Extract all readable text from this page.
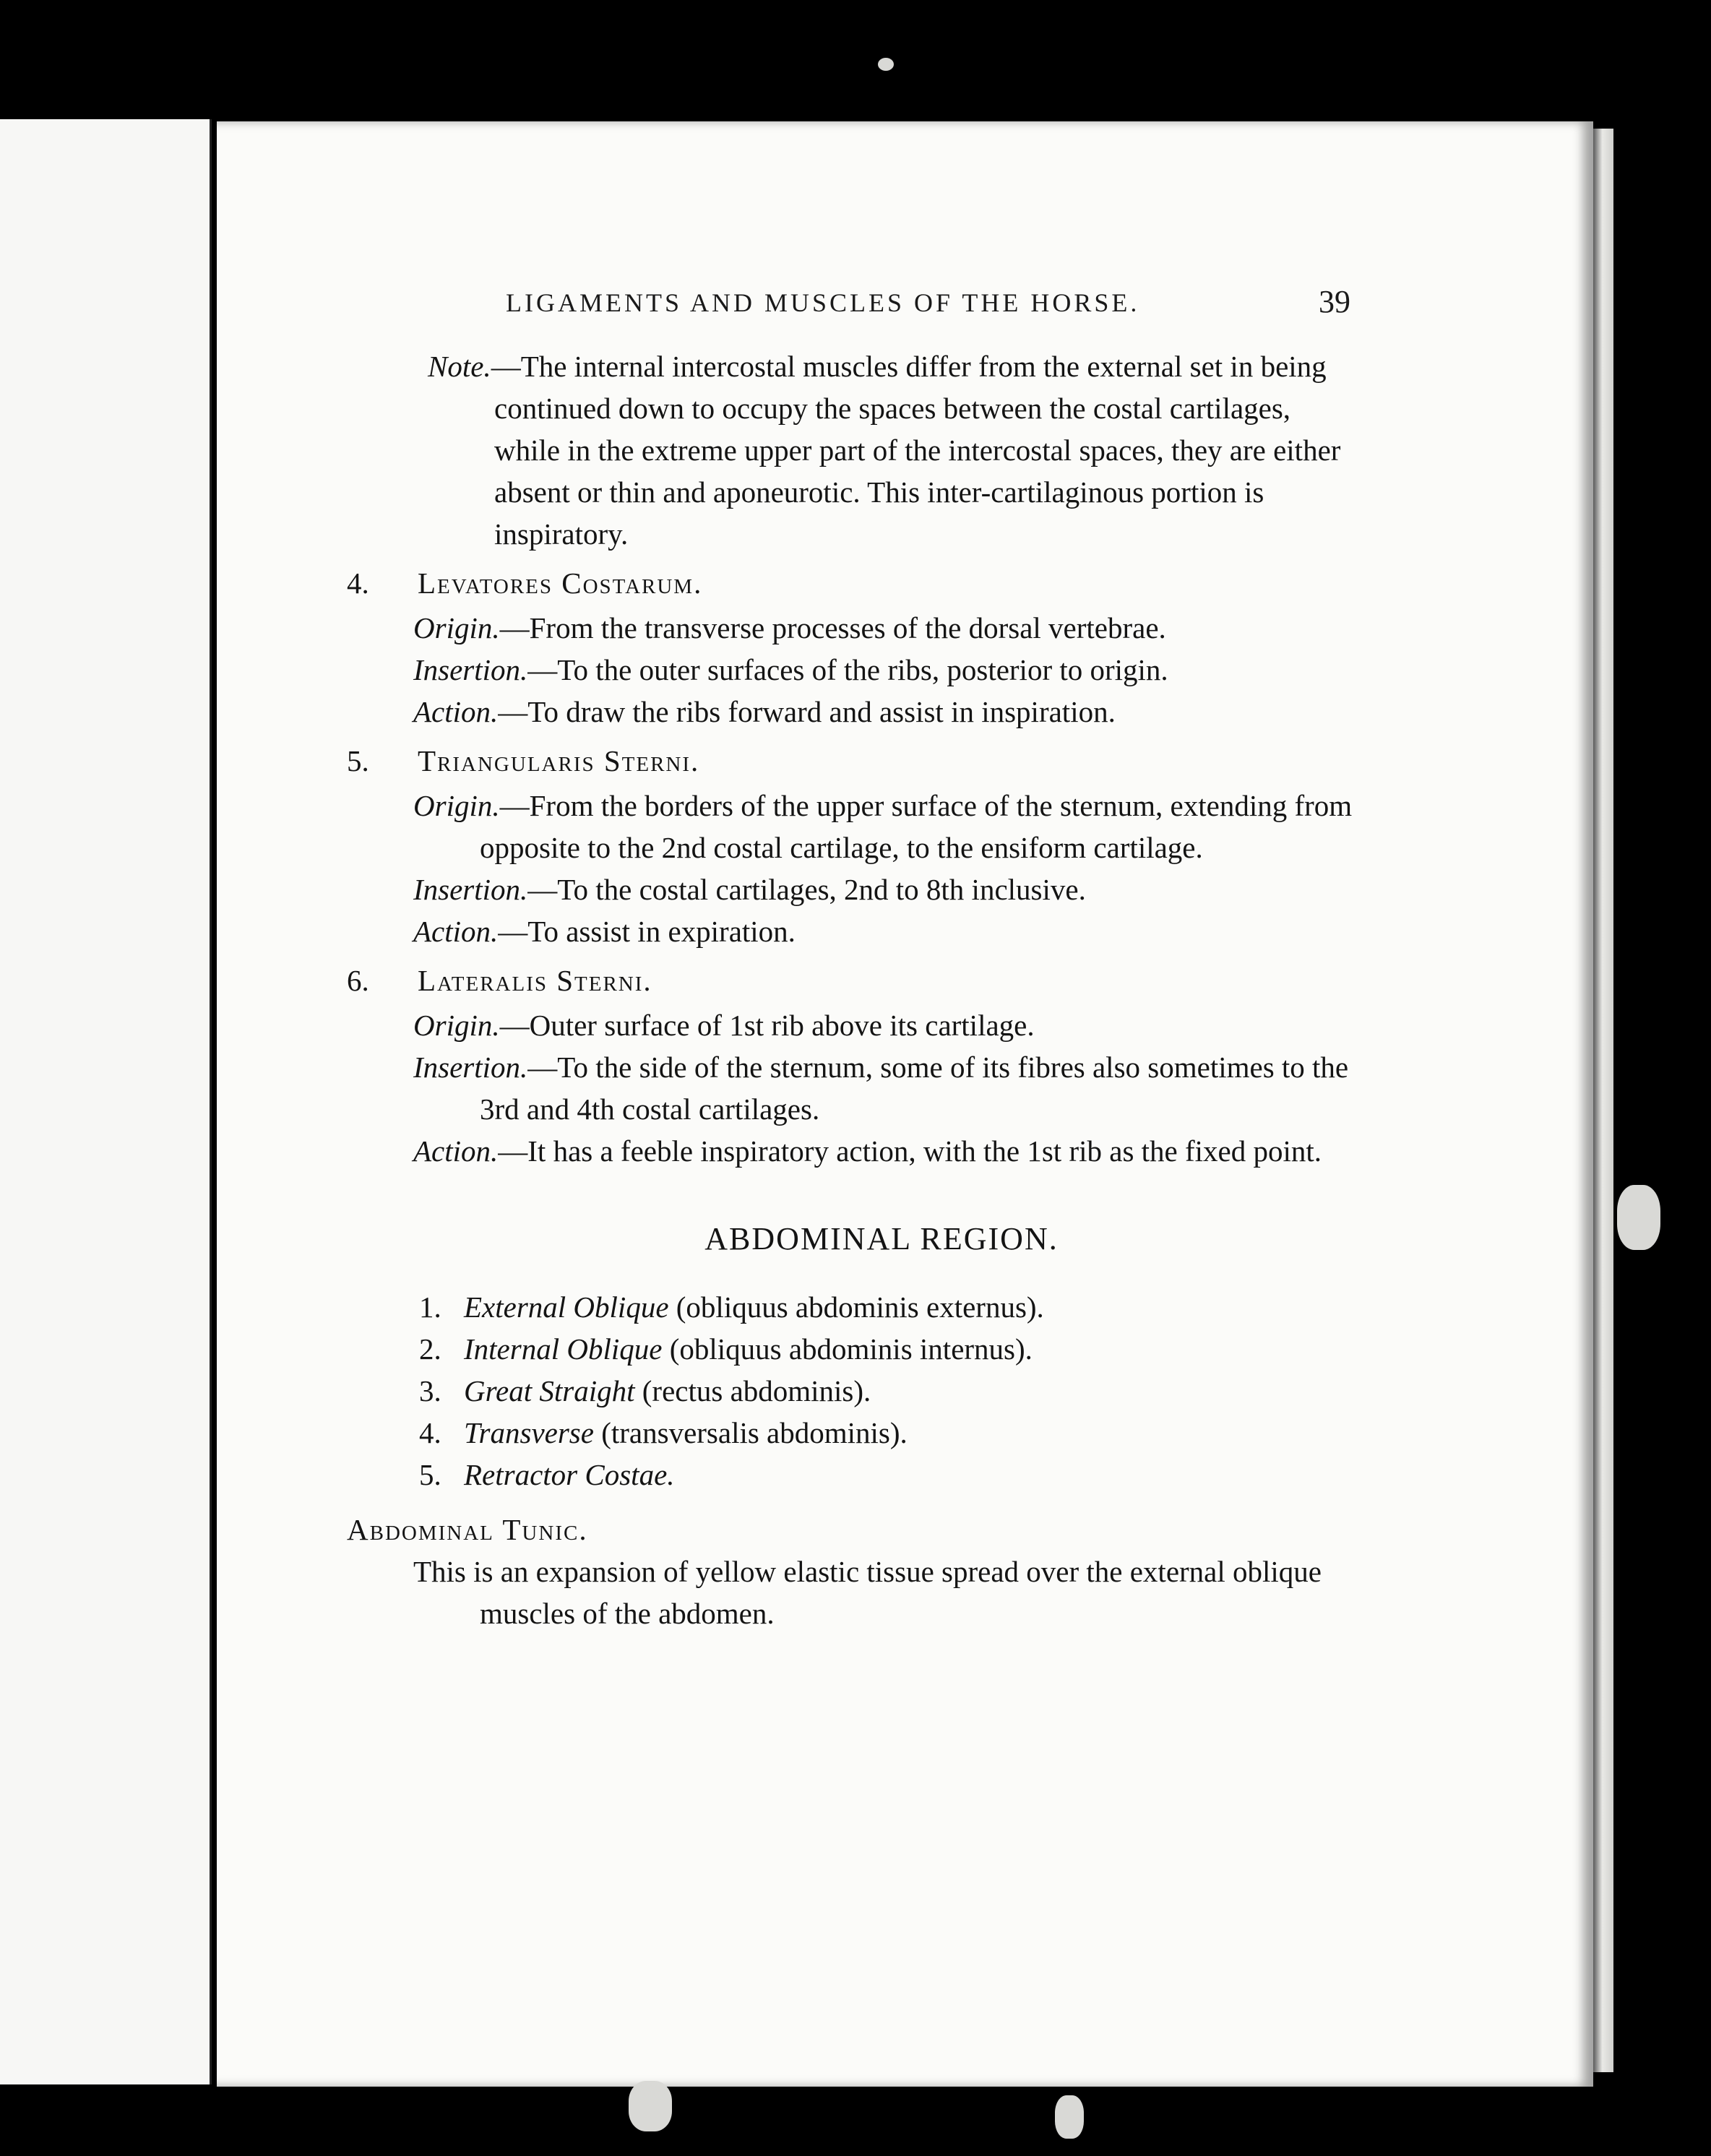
LIGAMENTS AND MUSCLES OF THE HORSE.	39

Note.—The internal intercostal muscles differ from the external set in being continued down to occupy the spaces between the costal cartilages, while in the extreme upper part of the intercostal spaces, they are either absent or thin and aponeurotic. This inter-cartilaginous portion is inspiratory.

4. Levatores Costarum.

Origin.—From the transverse processes of the dorsal vertebrae.

Insertion.—To the outer surfaces of the ribs, posterior to origin.

Action.—To draw the ribs forward and assist in inspiration.

5. Triangularis Sterni.

Origin.—From the borders of the upper surface of the sternum, extending from opposite to the 2nd costal cartilage, to the ensiform cartilage.

Insertion.—To the costal cartilages, 2nd to 8th inclusive.

Action.—To assist in expiration.

6. Lateralis Sterni.

Origin.—Outer surface of 1st rib above its cartilage.

Insertion.—To the side of the sternum, some of its fibres also sometimes to the 3rd and 4th costal cartilages.

Action.—It has a feeble inspiratory action, with the 1st rib as the fixed point.

ABDOMINAL REGION.
1. External Oblique (obliquus abdominis externus).
2. Internal Oblique (obliquus abdominis internus).
3. Great Straight (rectus abdominis).
4. Transverse (transversalis abdominis).
5. Retractor Costae.
Abdominal Tunic.

This is an expansion of yellow elastic tissue spread over the external oblique muscles of the abdomen.
